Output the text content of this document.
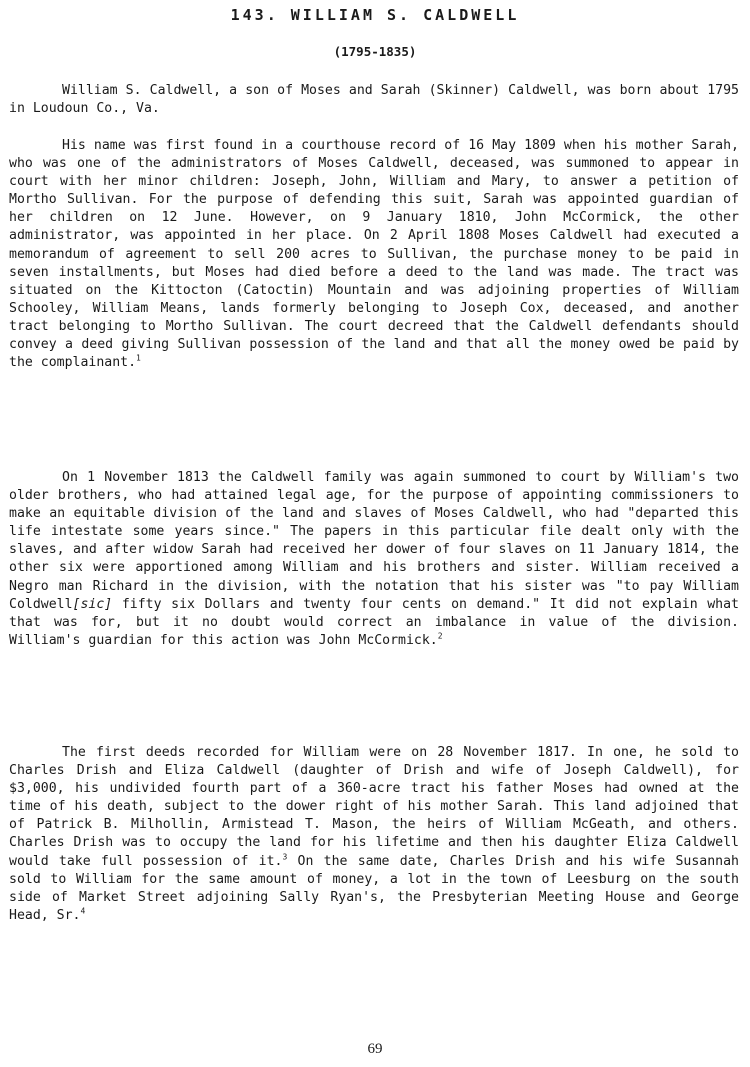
143. WILLIAM S. CALDWELL
(1795-1835)

William S. Caldwell, a son of Moses and Sarah (Skinner) Caldwell, was born about 1795 in Loudoun Co., Va.

His name was first found in a courthouse record of 16 May 1809 when his mother Sarah, who was one of the administrators of Moses Caldwell, deceased, was summoned to appear in court with her minor children: Joseph, John, William and Mary, to answer a petition of Mortho Sullivan. For the purpose of defending this suit, Sarah was appointed guardian of her children on 12 June. However, on 9 January 1810, John McCormick, the other administrator, was appointed in her place. On 2 April 1808 Moses Caldwell had executed a memorandum of agreement to sell 200 acres to Sullivan, the purchase money to be paid in seven installments, but Moses had died before a deed to the land was made. The tract was situated on the Kittocton (Catoctin) Mountain and was adjoining properties of William Schooley, William Means, lands formerly belonging to Joseph Cox, deceased, and another tract belonging to Mortho Sullivan. The court decreed that the Caldwell defendants should convey a deed giving Sullivan possession of the land and that all the money owed be paid by the complainant.$^1$

On 1 November 1813 the Caldwell family was again summoned to court by William's two older brothers, who had attained legal age, for the purpose of appointing commissioners to make an equitable division of the land and slaves of Moses Caldwell, who had "departed this life intestate some years since." The papers in this particular file dealt only with the slaves, and after widow Sarah had received her dower of four slaves on 11 January 1814, the other six were apportioned among William and his brothers and sister. William received a Negro man Richard in the division, with the notation that his sister was "to pay William Coldwell[sic] fifty six Dollars and twenty four cents on demand." It did not explain what that was for, but it no doubt would correct an imbalance in value of the division. William's guardian for this action was John McCormick.$^2$

The first deeds recorded for William were on 28 November 1817. In one, he sold to Charles Drish and Eliza Caldwell (daughter of Drish and wife of Joseph Caldwell), for $3,000, his undivided fourth part of a 360-acre tract his father Moses had owned at the time of his death, subject to the dower right of his mother Sarah. This land adjoined that of Patrick B. Milhollin, Armistead T. Mason, the heirs of William McGeath, and others. Charles Drish was to occupy the land for his lifetime and then his daughter Eliza Caldwell would take full possession of it.$^3$ On the same date, Charles Drish and his wife Susannah sold to William for the same amount of money, a lot in the town of Leesburg on the south side of Market Street adjoining Sally Ryan's, the Presbyterian Meeting House and George Head, Sr.$^4$

69
